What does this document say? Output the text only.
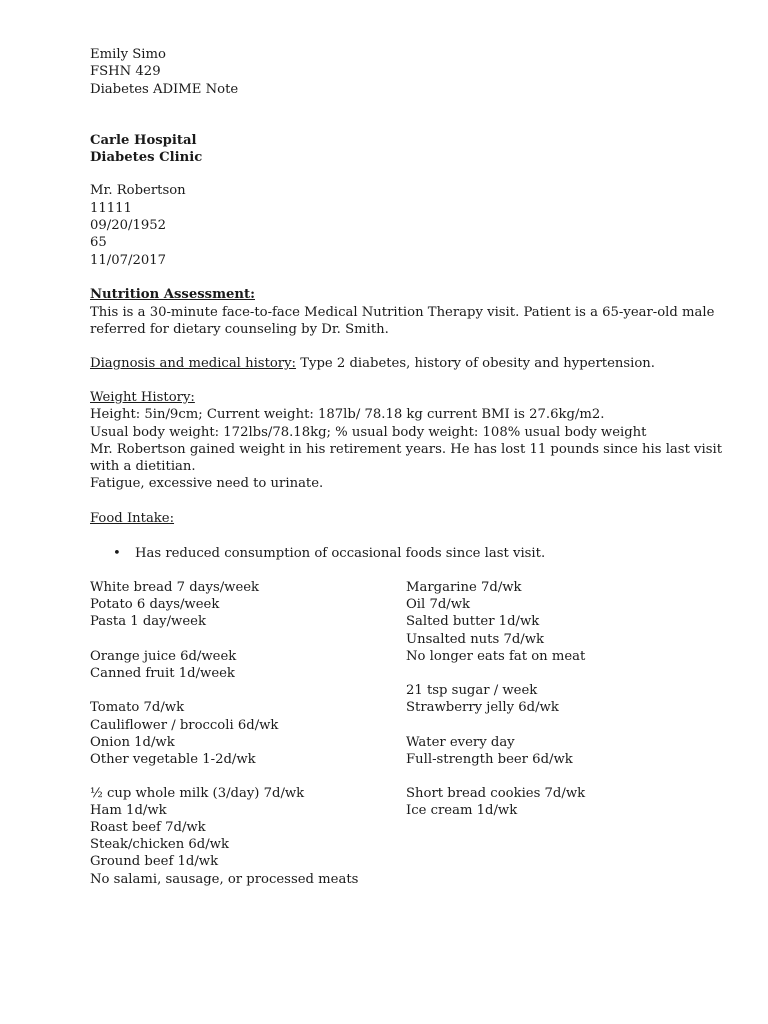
Emily Simo
FSHN 429
Diabetes ADIME Note
Carle Hospital
Diabetes Clinic
Mr. Robertson
11111
09/20/1952
65
11/07/2017
Nutrition Assessment:
This is a 30-minute face-to-face Medical Nutrition Therapy visit. Patient is a 65-year-old male
referred for dietary counseling by Dr. Smith.
Diagnosis and medical history: Type 2 diabetes, history of obesity and hypertension.
Weight History:
Height: 5in/9cm; Current weight: 187lb/ 78.18 kg current BMI is 27.6kg/m2.
Usual body weight: 172lbs/78.18kg; % usual body weight: 108% usual body weight
Mr. Robertson gained weight in his retirement years. He has lost 11 pounds since his last visit
with a dietitian.
Fatigue, excessive need to urinate.
Food Intake:
• Has reduced consumption of occasional foods since last visit.
White bread 7 days/week
Potato 6 days/week
Pasta 1 day/week
Orange juice 6d/week
Canned fruit 1d/week
Tomato 7d/wk
Cauliflower / broccoli 6d/wk
Onion 1d/wk
Other vegetable 1-2d/wk
½ cup whole milk (3/day) 7d/wk
Ham 1d/wk
Roast beef 7d/wk
Steak/chicken 6d/wk
Ground beef 1d/wk
No salami, sausage, or processed meats
Margarine 7d/wk
Oil 7d/wk
Salted butter 1d/wk
Unsalted nuts 7d/wk
No longer eats fat on meat
21 tsp sugar / week
Strawberry jelly 6d/wk
Water every day
Full-strength beer 6d/wk
Short bread cookies 7d/wk
Ice cream 1d/wk
